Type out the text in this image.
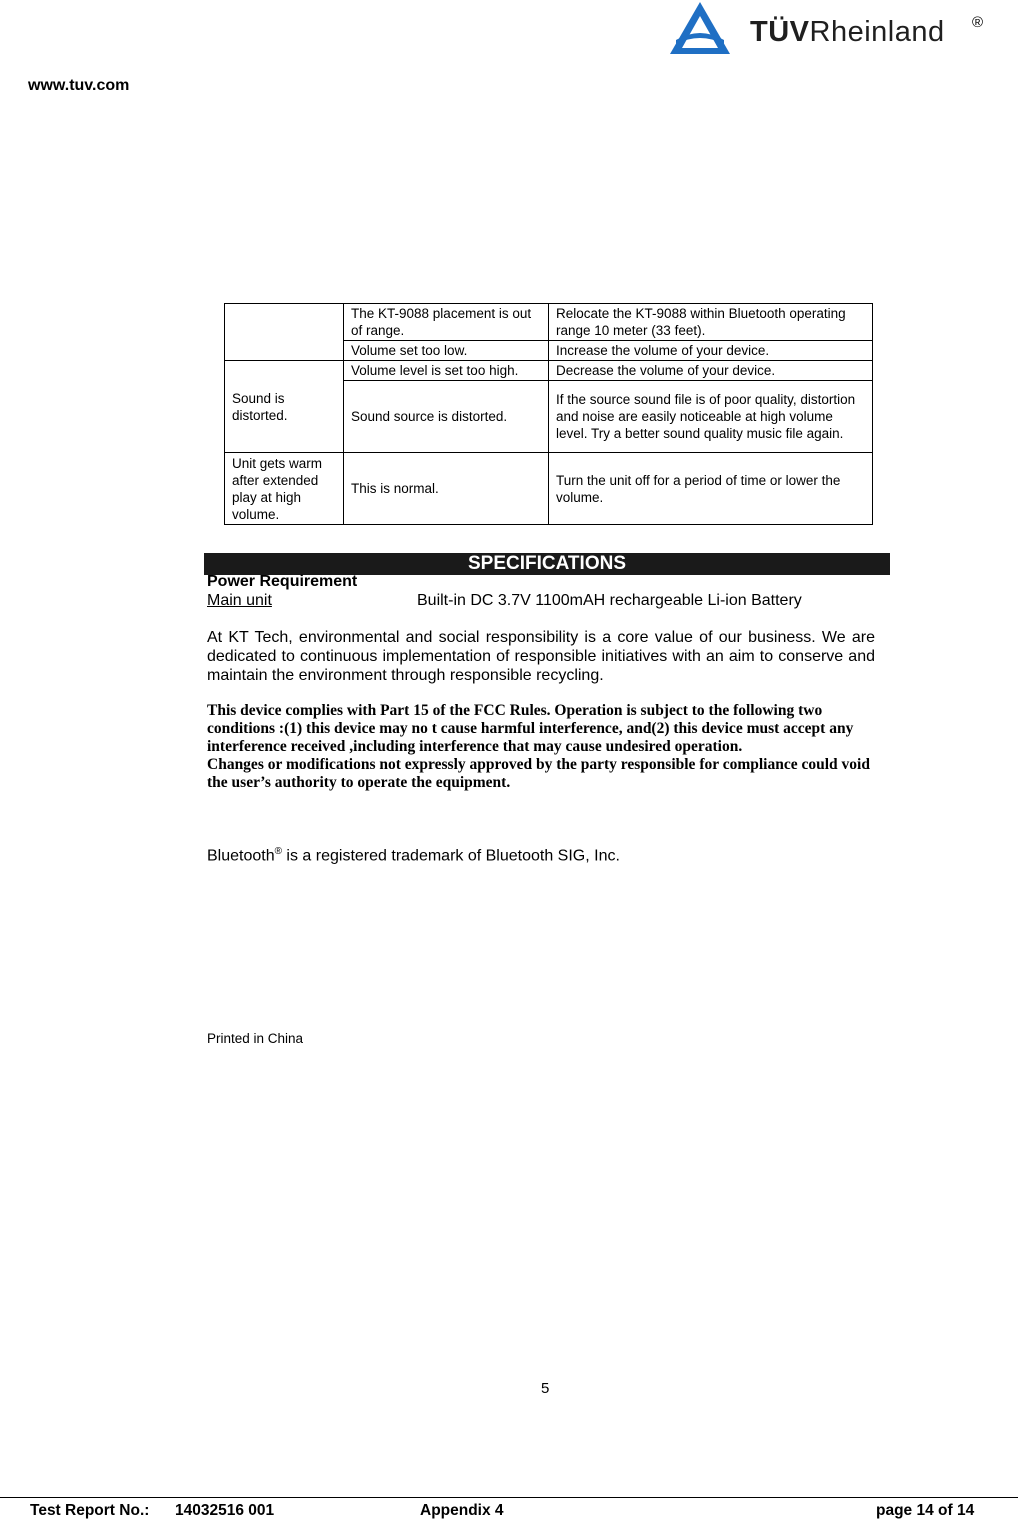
www.tuv.com
TÜVRheinland ®
	The KT-9088 placement is out of range.	Relocate the KT-9088 within Bluetooth operating range 10 meter (33 feet).
	Volume set too low.	Increase the volume of your device.
Sound is distorted.	Volume level is set too high.	Decrease the volume of your device.
	Sound source is distorted.	If the source sound file is of poor quality, distortion and noise are easily noticeable at high volume level. Try a better sound quality music file again.
Unit gets warm after extended play at high volume.	This is normal.	Turn the unit off for a period of time or lower the volume.
SPECIFICATIONS
Power Requirement
Main unit	Built-in DC 3.7V 1100mAH rechargeable Li-ion Battery
At KT Tech, environmental and social responsibility is a core value of our business. We are dedicated to continuous implementation of responsible initiatives with an aim to conserve and maintain the environment through responsible recycling.

This device complies with Part 15 of the FCC Rules. Operation is subject to the following two conditions :(1) this device may no t cause harmful interference, and(2) this device must accept any interference received ,including interference that may cause undesired operation.

Changes or modifications not expressly approved by the party responsible for compliance could void the user’s authority to operate the equipment.

Bluetooth® is a registered trademark of Bluetooth SIG, Inc.
Printed in China
5
Test Report No.: 14032516 001	Appendix 4	page 14 of 14
